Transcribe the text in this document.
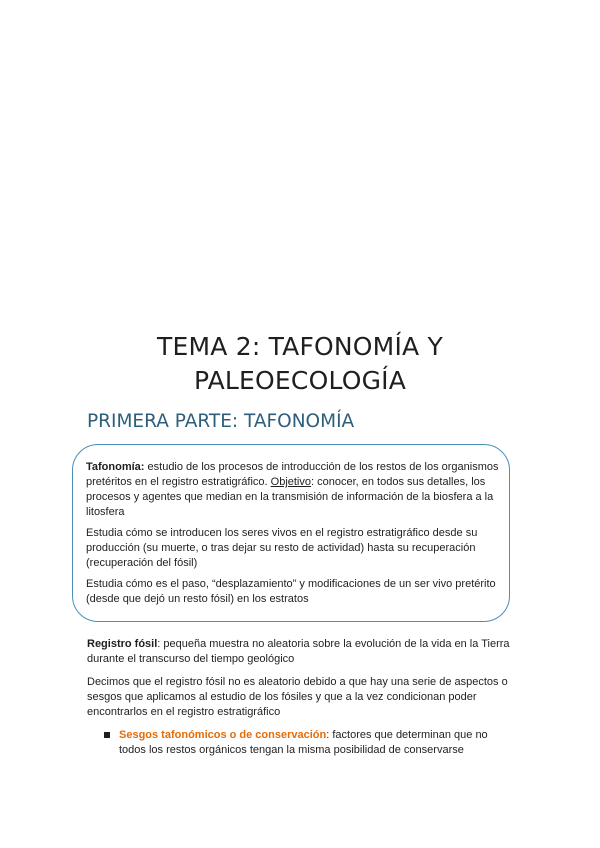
TEMA 2: TAFONOMÍA Y
PALEOECOLOGÍA
PRIMERA PARTE: TAFONOMÍA

Tafonomía: estudio de los procesos de introducción de los restos de los organismos pretéritos en el registro estratigráfico. Objetivo: conocer, en todos sus detalles, los procesos y agentes que median en la transmisión de información de la biosfera a la litosfera

Estudia cómo se introducen los seres vivos en el registro estratigráfico desde su producción (su muerte, o tras dejar su resto de actividad) hasta su recuperación (recuperación del fósil)

Estudia cómo es el paso, “desplazamiento” y modificaciones de un ser vivo pretérito (desde que dejó un resto fósil) en los estratos

Registro fósil: pequeña muestra no aleatoria sobre la evolución de la vida en la Tierra durante el transcurso del tiempo geológico

Decimos que el registro fósil no es aleatorio debido a que hay una serie de aspectos o sesgos que aplicamos al estudio de los fósiles y que a la vez condicionan poder encontrarlos en el registro estratigráfico

Sesgos tafonómicos o de conservación: factores que determinan que no todos los restos orgánicos tengan la misma posibilidad de conservarse
